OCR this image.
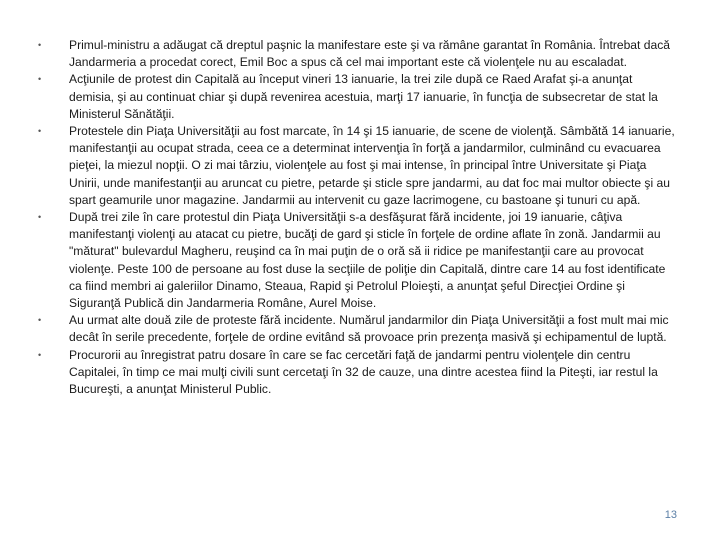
• Primul-ministru a adăugat că dreptul paşnic la manifestare este şi va rămâne garantat în România. Întrebat dacă Jandarmeria a procedat corect, Emil Boc a spus că cel mai important este că violenţele nu au escaladat.
• Acţiunile de protest din Capitală au început vineri 13 ianuarie, la trei zile după ce Raed Arafat şi-a anunţat demisia, şi au continuat chiar şi după revenirea acestuia, marţi 17 ianuarie, în funcţia de subsecretar de stat la Ministerul Sănătăţii.
• Protestele din Piaţa Universităţii au fost marcate, în 14 şi 15 ianuarie, de scene de violenţă. Sâmbătă 14 ianuarie, manifestanţii au ocupat strada, ceea ce a determinat intervenţia în forţă a jandarmilor, culminând cu evacuarea pieţei, la miezul nopţii. O zi mai târziu, violenţele au fost şi mai intense, în principal între Universitate şi Piaţa Unirii, unde manifestanţii au aruncat cu pietre, petarde şi sticle spre jandarmi, au dat foc mai multor obiecte şi au spart geamurile unor magazine. Jandarmii au intervenit cu gaze lacrimogene, cu bastoane şi tunuri cu apă.
• După trei zile în care protestul din Piaţa Universităţii s-a desfăşurat fără incidente, joi 19 ianuarie, câţiva manifestanţi violenţi au atacat cu pietre, bucăţi de gard şi sticle în forţele de ordine aflate în zonă. Jandarmii au "măturat" bulevardul Magheru, reuşind ca în mai puţin de o oră să ii ridice pe manifestanţii care au provocat violenţe. Peste 100 de persoane au fost duse la secţiile de poliţie din Capitală, dintre care 14 au fost identificate ca fiind membri ai galeriilor Dinamo, Steaua, Rapid şi Petrolul Ploieşti, a anunţat şeful Direcţiei Ordine şi Siguranţă Publică din Jandarmeria Române, Aurel Moise.
• Au urmat alte două zile de proteste fără incidente. Numărul jandarmilor din Piaţa Universităţii a fost mult mai mic decât în serile precedente, forţele de ordine evitând să provoace prin prezenţa masivă şi echipamentul de luptă.
• Procurorii au înregistrat patru dosare în care se fac cercetări faţă de jandarmi pentru violenţele din centru Capitalei, în timp ce mai mulţi civili sunt cercetaţi în 32 de cauze, una dintre acestea fiind la Piteşti, iar restul la Bucureşti, a anunţat Ministerul Public.
13
